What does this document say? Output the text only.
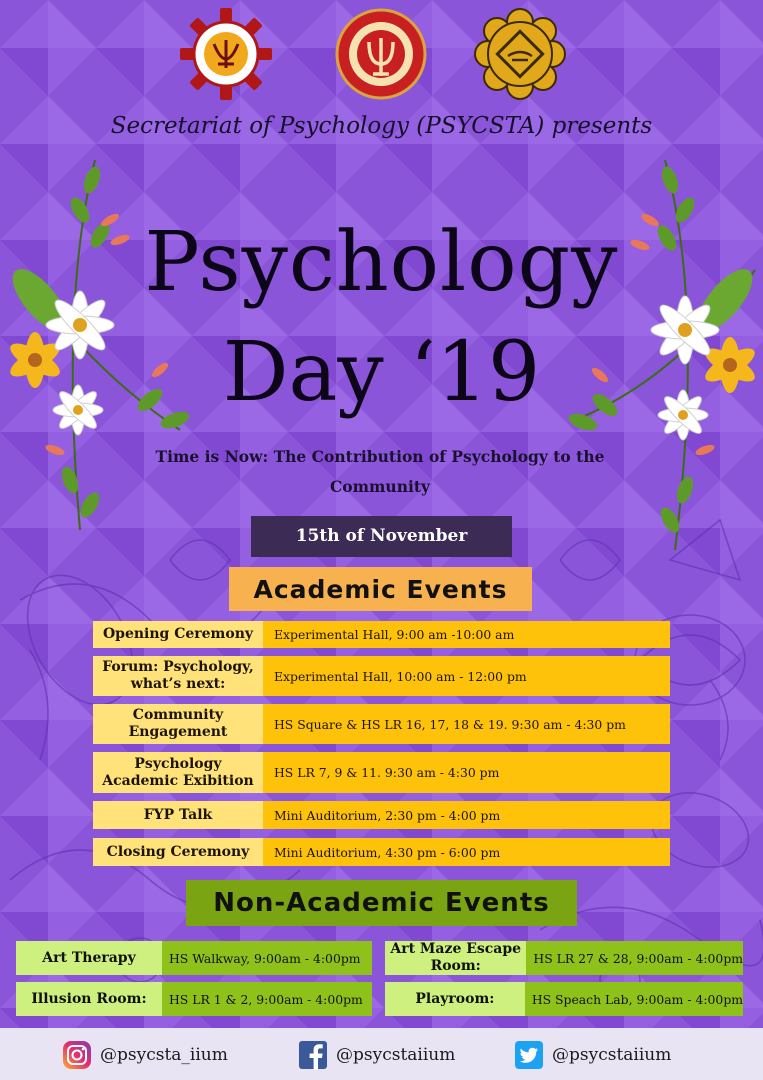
Secretariat of Psychology (PSYCSTA) presents
Psychology
Day ‘19
Time is Now: The Contribution of Psychology to the
Community
15th of November
Academic Events
Opening Ceremony	Experimental Hall, 9:00 am -10:00 am
Forum: Psychology, what’s next:	Experimental Hall, 10:00 am - 12:00 pm
Community Engagement	HS Square & HS LR 16, 17, 18 & 19. 9:30 am - 4:30 pm
Psychology Academic Exibition	HS LR 7, 9 & 11. 9:30 am - 4:30 pm
FYP Talk	Mini Auditorium, 2:30 pm - 4:00 pm
Closing Ceremony	Mini Auditorium, 4:30 pm - 6:00 pm
Non-Academic Events
Art Therapy	HS Walkway, 9:00am - 4:00pm
Art Maze Escape Room:	HS LR 27 & 28, 9:00am - 4:00pm
Illusion Room:	HS LR 1 & 2, 9:00am - 4:00pm	Playroom:	HS Speach Lab, 9:00am - 4:00pm
@psycsta_iium	@psycstaiium	@psycstaiium
